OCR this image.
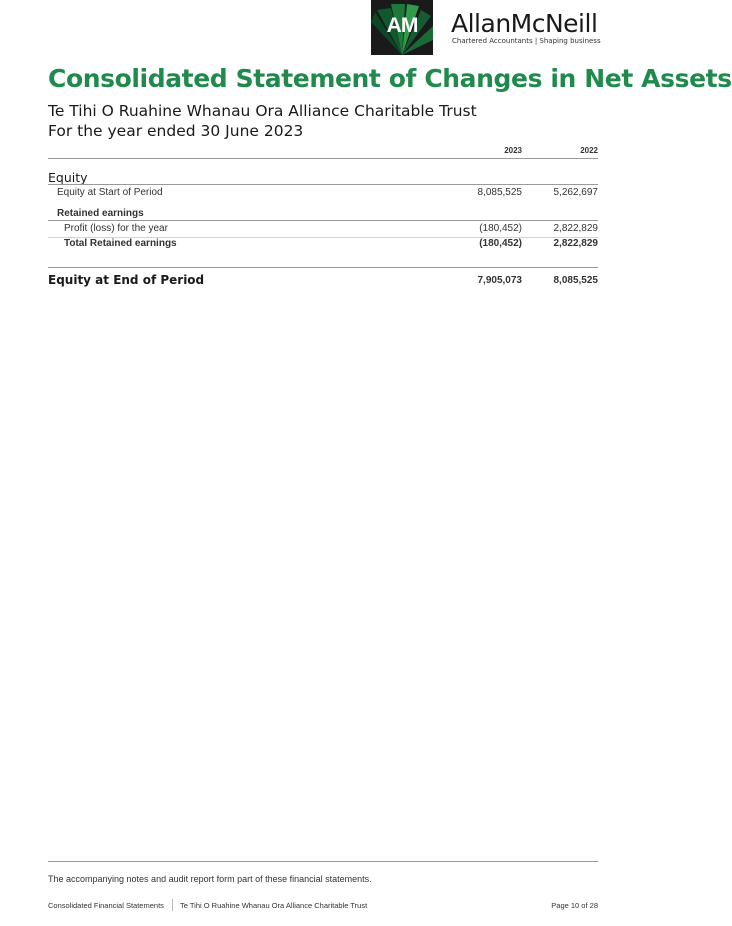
AM	AllanMcNeill
Chartered Accountants | Shaping business
Consolidated Statement of Changes in Net Assets
Te Tihi O Ruahine Whanau Ora Alliance Charitable Trust
For the year ended 30 June 2023
2023	2022
Equity
Equity at Start of Period	8,085,525	5,262,697
Retained earnings
Profit (loss) for the year	(180,452)	2,822,829
Total Retained earnings	(180,452)	2,822,829
Equity at End of Period	7,905,073	8,085,525
The accompanying notes and audit report form part of these financial statements.
Consolidated Financial Statements Te Tihi O Ruahine Whanau Ora Alliance Charitable Trust	Page 10 of 28
